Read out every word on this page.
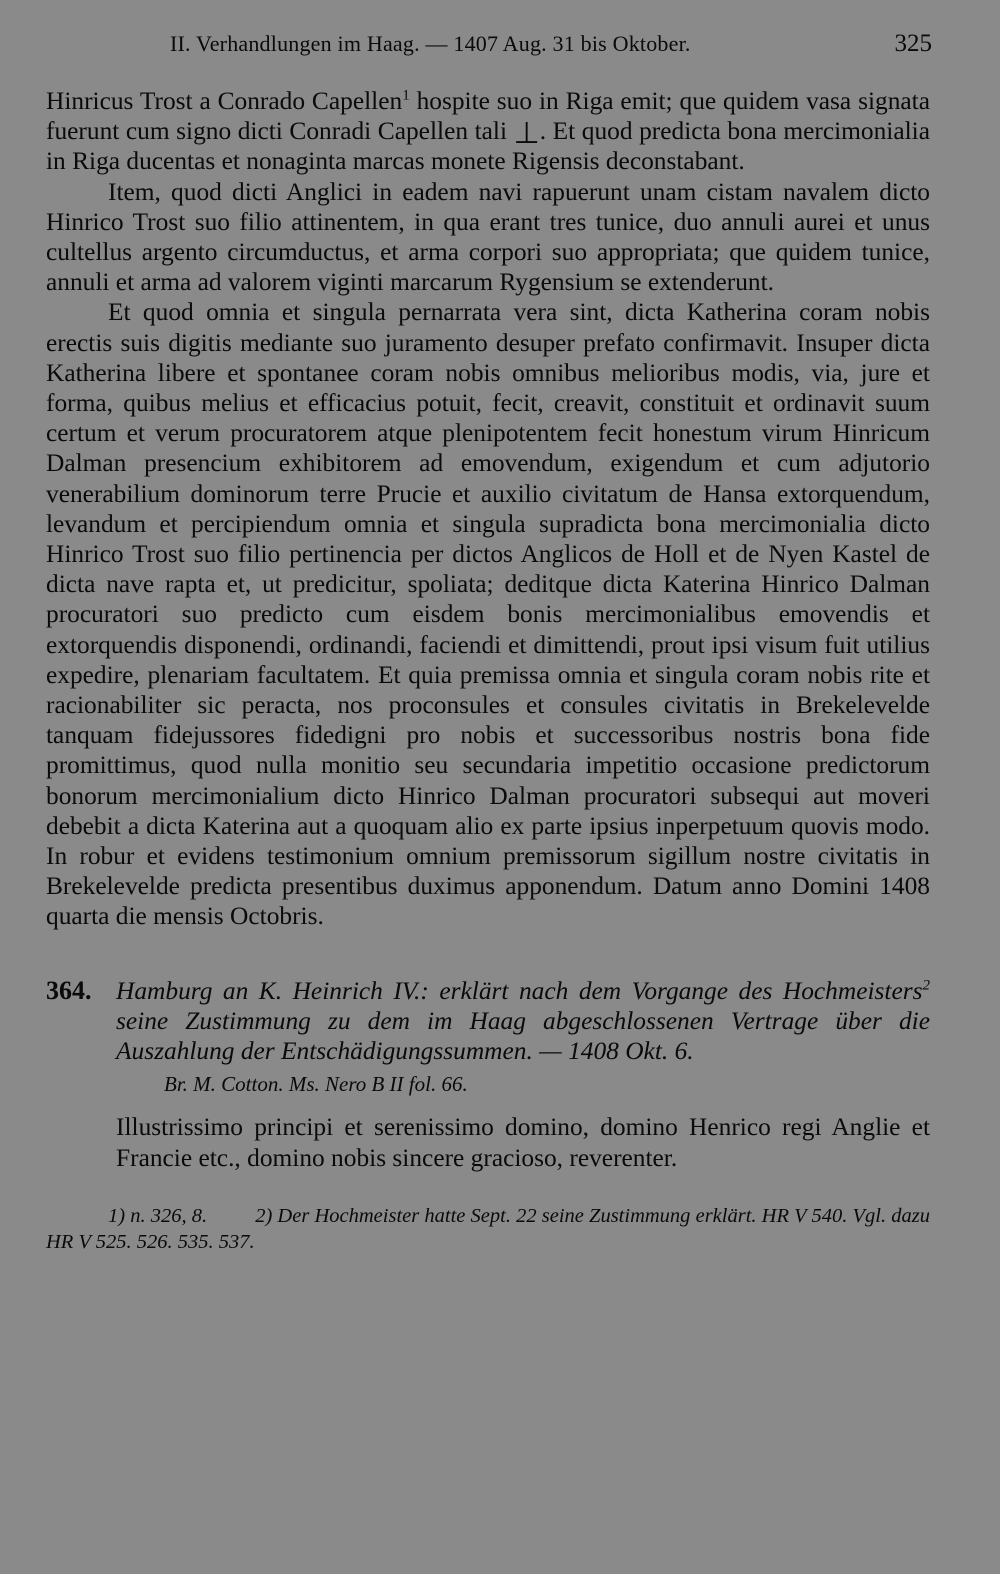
II. Verhandlungen im Haag. — 1407 Aug. 31 bis Oktober.	325

Hinricus Trost a Conrado Capellen$^1$ hospite suo in Riga emit; que quidem vasa signata fuerunt cum signo dicti Conradi Capellen tali ⊥. Et quod predicta bona mercimonialia in Riga ducentas et nonaginta marcas monete Rigensis deconstabant.

Item, quod dicti Anglici in eadem navi rapuerunt unam cistam navalem dicto Hinrico Trost suo filio attinentem, in qua erant tres tunice, duo annuli aurei et unus cultellus argento circumductus, et arma corpori suo appropriata; que quidem tunice, annuli et arma ad valorem viginti marcarum Rygensium se extenderunt.

Et quod omnia et singula pernarrata vera sint, dicta Katherina coram nobis erectis suis digitis mediante suo juramento desuper prefato confirmavit. Insuper dicta Katherina libere et spontanee coram nobis omnibus melioribus modis, via, jure et forma, quibus melius et efficacius potuit, fecit, creavit, constituit et ordinavit suum certum et verum procuratorem atque plenipotentem fecit honestum virum Hinricum Dalman presencium exhibitorem ad emovendum, exigendum et cum adjutorio venerabilium dominorum terre Prucie et auxilio civitatum de Hansa extorquendum, levandum et percipiendum omnia et singula supradicta bona mercimonialia dicto Hinrico Trost suo filio pertinencia per dictos Anglicos de Holl et de Nyen Kastel de dicta nave rapta et, ut predicitur, spoliata; deditque dicta Katerina Hinrico Dalman procuratori suo predicto cum eisdem bonis mercimonialibus emovendis et extorquendis disponendi, ordinandi, faciendi et dimittendi, prout ipsi visum fuit utilius expedire, plenariam facultatem. Et quia premissa omnia et singula coram nobis rite et racionabiliter sic peracta, nos proconsules et consules civitatis in Brekelevelde tanquam fidejussores fidedigni pro nobis et successoribus nostris bona fide promittimus, quod nulla monitio seu secundaria impetitio occasione predictorum bonorum mercimonialium dicto Hinrico Dalman procuratori subsequi aut moveri debebit a dicta Katerina aut a quoquam alio ex parte ipsius inperpetuum quovis modo. In robur et evidens testimonium omnium premissorum sigillum nostre civitatis in Brekelevelde predicta presentibus duximus apponendum. Datum anno Domini 1408 quarta die mensis Octobris.

364. Hamburg an K. Heinrich IV.: erklärt nach dem Vorgange des Hochmeisters$^2$ seine Zustimmung zu dem im Haag abgeschlossenen Vertrage über die Auszahlung der Entschädigungssummen. — 1408 Okt. 6.
Br. M. Cotton. Ms. Nero B II fol. 66.

Illustrissimo principi et serenissimo domino, domino Henrico regi Anglie et Francie etc., domino nobis sincere gracioso, reverenter.

1) n. 326, 8. 2) Der Hochmeister hatte Sept. 22 seine Zustimmung erklärt. HR V 540. Vgl. dazu HR V 525. 526. 535. 537.
